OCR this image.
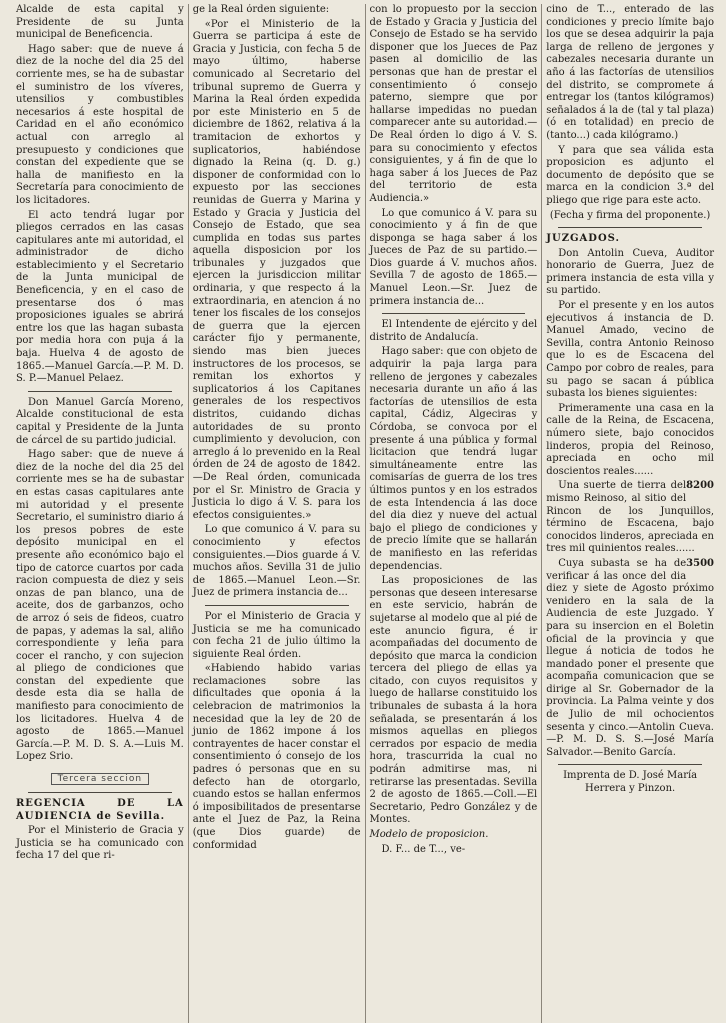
Alcalde de esta capital y Presidente de su Junta municipal de Beneficencia.

Hago saber: que de nueve á diez de la noche del dia 25 del corriente mes, se ha de subastar el suministro de los víveres, utensilios y combustibles necesarios á este hospital de Caridad en el año económico actual con arreglo al presupuesto y condiciones que constan del expediente que se halla de manifiesto en la Secretaría para conocimiento de los licitadores.

El acto tendrá lugar por pliegos cerrados en las casas capitulares ante mi autoridad, el administrador de dicho establecimiento y el Secretario de la Junta municipal de Beneficencia, y en el caso de presentarse dos ó mas proposiciones iguales se abrirá entre los que las hagan subasta por media hora con puja á la baja. Huelva 4 de agosto de 1865.—Manuel García.—P. M. D. S. P.—Manuel Pelaez.

Don Manuel García Moreno, Alcalde constitucional de esta capital y Presidente de la Junta de cárcel de su partido judicial.

Hago saber: que de nueve á diez de la noche del dia 25 del corriente mes se ha de subastar en estas casas capitulares ante mi autoridad y el presente Secretario, el suministro diario á los presos pobres de este depósito municipal en el presente año económico bajo el tipo de catorce cuartos por cada racion compuesta de diez y seis onzas de pan blanco, una de aceite, dos de garbanzos, ocho de arroz ó seis de fideos, cuatro de papas, y ademas la sal, aliño correspondiente y leña para cocer el rancho, y con sujecion al pliego de condiciones que constan del expediente que desde esta dia se halla de manifiesto para conocimiento de los licitadores. Huelva 4 de agosto de 1865.—Manuel García.—P. M. D. S. A.—Luis M. Lopez Srio.

Tercera seccion

REGENCIA DE LA AUDIENCIA de Sevilla.

Por el Ministerio de Gracia y Justicia se ha comunicado con fecha 17 del que ri-

ge la Real órden siguiente:

«Por el Ministerio de la Guerra se participa á este de Gracia y Justicia, con fecha 5 de mayo último, haberse comunicado al Secretario del tribunal supremo de Guerra y Marina la Real órden expedida por este Ministerio en 5 de diciembre de 1862, relativa á la tramitacion de exhortos y suplicatorios, habiéndose dignado la Reina (q. D. g.) disponer de conformidad con lo expuesto por las secciones reunidas de Guerra y Marina y Estado y Gracia y Justicia del Consejo de Estado, que sea cumplida en todas sus partes aquella disposicion por los tribunales y juzgados que ejercen la jurisdiccion militar ordinaria, y que respecto á la extraordinaria, en atencion á no tener los fiscales de los consejos de guerra que la ejercen carácter fijo y permanente, siendo mas bien jueces instructores de los procesos, se remitan los exhortos y suplicatorios á los Capitanes generales de los respectivos distritos, cuidando dichas autoridades de su pronto cumplimiento y devolucion, con arreglo á lo prevenido en la Real órden de 24 de agosto de 1842.—De Real órden, comunicada por el Sr. Ministro de Gracia y Justicia lo digo á V. S. para los efectos consiguientes.»

Lo que comunico á V. para su conocimiento y efectos consiguientes.—Dios guarde á V. muchos años. Sevilla 31 de julio de 1865.—Manuel Leon.—Sr. Juez de primera instancia de...

Por el Ministerio de Gracia y Justicia se me ha comunicado con fecha 21 de julio último la siguiente Real órden.

«Habiendo habido varias reclamaciones sobre las dificultades que oponia á la celebracion de matrimonios la necesidad que la ley de 20 de junio de 1862 impone á los contrayentes de hacer constar el consentimiento ó consejo de los padres ó personas que en su defecto han de otorgarlo, cuando estos se hallan enfermos ó imposibilitados de presentarse ante el Juez de Paz, la Reina (que Dios guarde) de conformidad

con lo propuesto por la seccion de Estado y Gracia y Justicia del Consejo de Estado se ha servido disponer que los Jueces de Paz pasen al domicilio de las personas que han de prestar el consentimiento ó consejo paterno, siempre que por hallarse impedidas no puedan comparecer ante su autoridad.—De Real órden lo digo á V. S. para su conocimiento y efectos consiguientes, y á fin de que lo haga saber á los Jueces de Paz del territorio de esta Audiencia.»

Lo que comunico á V. para su conocimiento y á fin de que disponga se haga saber á los Jueces de Paz de su partido.—Dios guarde á V. muchos años. Sevilla 7 de agosto de 1865.—Manuel Leon.—Sr. Juez de primera instancia de...

El Intendente de ejército y del distrito de Andalucía.

Hago saber: que con objeto de adquirir la paja larga para relleno de jergones y cabezales necesaria durante un año á las factorías de utensilios de esta capital, Cádiz, Algeciras y Córdoba, se convoca por el presente á una pública y formal licitacion que tendrá lugar simultáneamente entre las comisarías de guerra de los tres últimos puntos y en los estrados de esta Intendencia á las doce del dia diez y nueve del actual bajo el pliego de condiciones y de precio límite que se hallarán de manifiesto en las referidas dependencias.

Las proposiciones de las personas que deseen interesarse en este servicio, habrán de sujetarse al modelo que al pié de este anuncio figura, é ir acompañadas del documento de depósito que marca la condicion tercera del pliego de ellas ya citado, con cuyos requisitos y luego de hallarse constituido los tribunales de subasta á la hora señalada, se presentarán á los mismos aquellas en pliegos cerrados por espacio de media hora, trascurrida la cual no podrán admitirse mas, ni retirarse las presentadas. Sevilla 2 de agosto de 1865.—Coll.—El Secretario, Pedro González y de Montes.

Modelo de proposicion.

D. F... de T..., ve-

cino de T..., enterado de las condiciones y precio límite bajo los que se desea adquirir la paja larga de relleno de jergones y cabezales necesaria durante un año á las factorías de utensilios del distrito, se compromete á entregar los (tantos kilógramos) señalados á la de (tal y tal plaza) (ó en totalidad) en precio de (tanto...) cada kilógramo.)

Y para que sea válida esta proposicion es adjunto el documento de depósito que se marca en la condicion 3.ª del pliego que rige para este acto.

(Fecha y firma del proponente.)

JUZGADOS.

Don Antolin Cueva, Auditor honorario de Guerra, Juez de primera instancia de esta villa y su partido.

Por el presente y en los autos ejecutivos á instancia de D. Manuel Amado, vecino de Sevilla, contra Antonio Reinoso que lo es de Escacena del Campo por cobro de reales, para su pago se sacan á pública subasta los bienes siguientes:

Primeramente una casa en la calle de la Reina, de Escacena, número siete, bajo conocidos linderos, propia del Reinoso, apreciada en ocho mil doscientos reales......

8200

Una suerte de tierra del mismo Reinoso, al sitio del Rincon de los Junquillos, término de Escacena, bajo conocidos linderos, apreciada en tres mil quinientos reales......

3500

Cuya subasta se ha de verificar á las once del dia diez y siete de Agosto próximo venidero en la sala de la Audiencia de este Juzgado. Y para su insercion en el Boletin oficial de la provincia y que llegue á noticia de todos he mandado poner el presente que acompaña comunicacion que se dirige al Sr. Gobernador de la provincia. La Palma veinte y dos de Julio de mil ochocientos sesenta y cinco.—Antolin Cueva.—P. M. D. S. S.—José María Salvador.—Benito García.

Imprenta de D. José María Herrera y Pinzon.
